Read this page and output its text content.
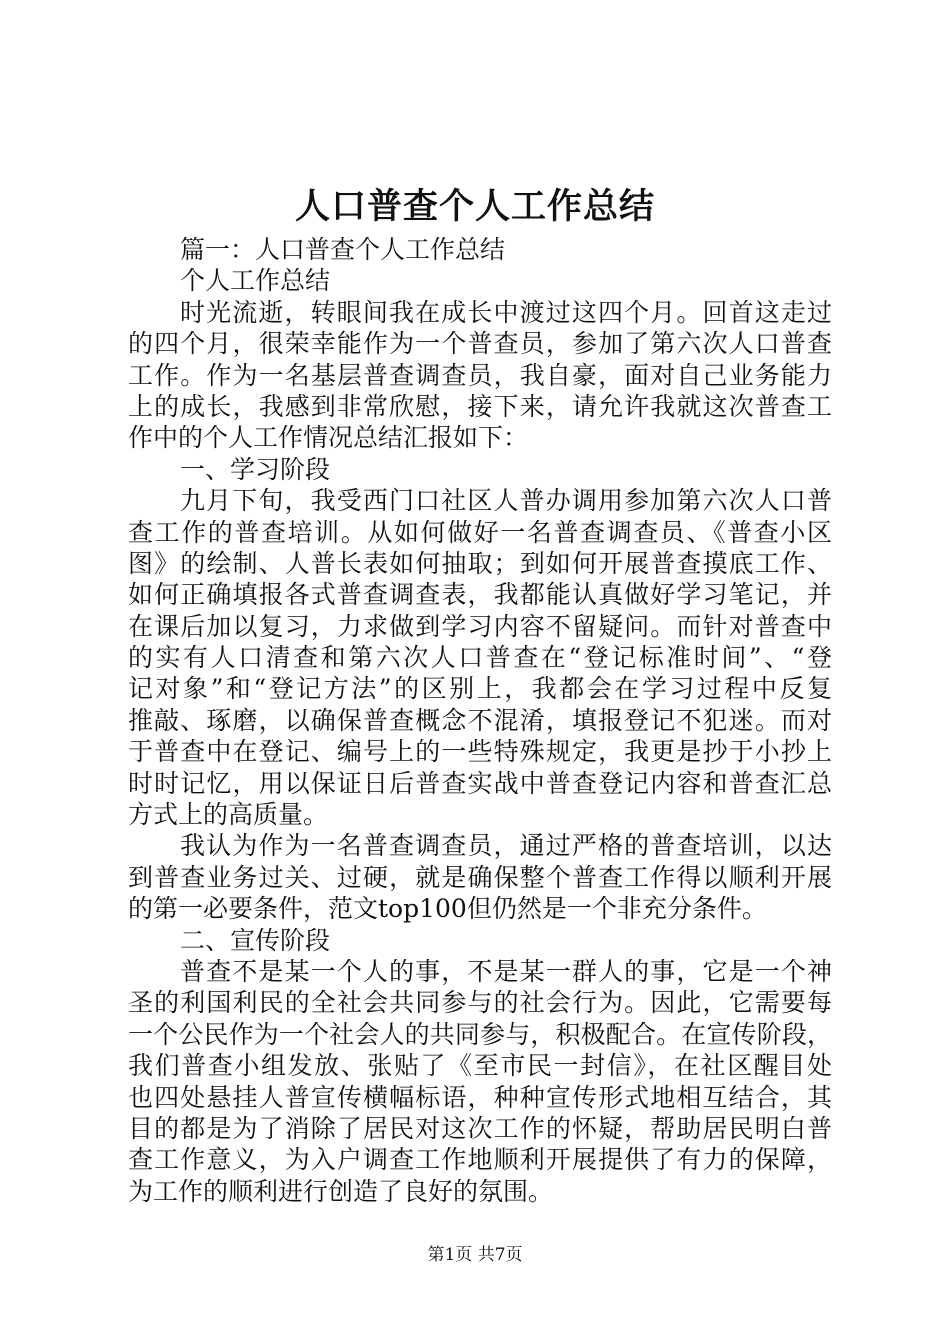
人口普查个人工作总结
篇一：人口普查个人工作总结
个人工作总结
时光流逝，转眼间我在成长中渡过这四个月。回首这走过
的四个月，很荣幸能作为一个普查员，参加了第六次人口普查
工作。作为一名基层普查调查员，我自豪，面对自己业务能力
上的成长，我感到非常欣慰，接下来，请允许我就这次普查工
作中的个人工作情况总结汇报如下：
一、学习阶段
九月下旬，我受西门口社区人普办调用参加第六次人口普
查工作的普查培训。从如何做好一名普查调查员、《普查小区
图》的绘制、人普长表如何抽取；到如何开展普查摸底工作、
如何正确填报各式普查调查表，我都能认真做好学习笔记，并
在课后加以复习，力求做到学习内容不留疑问。而针对普查中
的实有人口清查和第六次人口普查在“登记标准时间”、“登
记对象”和“登记方法”的区别上，我都会在学习过程中反复
推敲、琢磨，以确保普查概念不混淆，填报登记不犯迷。而对
于普查中在登记、编号上的一些特殊规定，我更是抄于小抄上
时时记忆，用以保证日后普查实战中普查登记内容和普查汇总
方式上的高质量。
我认为作为一名普查调查员，通过严格的普查培训，以达
到普查业务过关、过硬，就是确保整个普查工作得以顺利开展
的第一必要条件，范文top100但仍然是一个非充分条件。
二、宣传阶段
普查不是某一个人的事，不是某一群人的事，它是一个神
圣的利国利民的全社会共同参与的社会行为。因此，它需要每
一个公民作为一个社会人的共同参与，积极配合。在宣传阶段，
我们普查小组发放、张贴了《至市民一封信》，在社区醒目处
也四处悬挂人普宣传横幅标语，种种宣传形式地相互结合，其
目的都是为了消除了居民对这次工作的怀疑，帮助居民明白普
查工作意义，为入户调查工作地顺利开展提供了有力的保障，
为工作的顺利进行创造了良好的氛围。
第1页 共7页
